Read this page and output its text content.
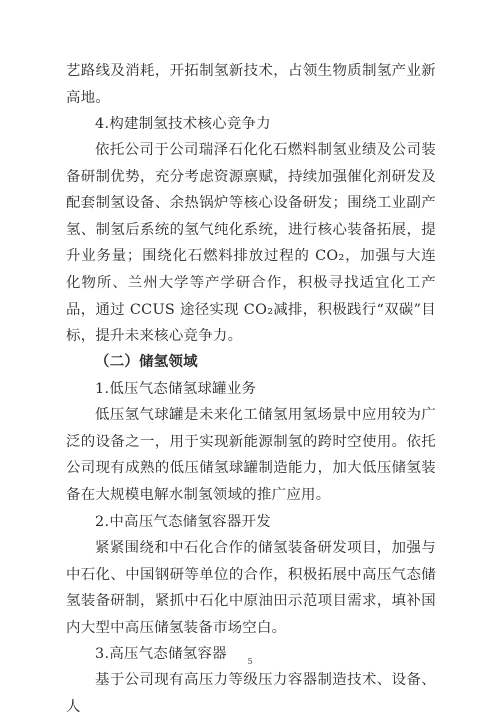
艺路线及消耗，开拓制氢新技术，占领生物质制氢产业新高地。

4.构建制氢技术核心竞争力

依托公司于公司瑞泽石化化石燃料制氢业绩及公司装备研制优势，充分考虑资源禀赋，持续加强催化剂研发及配套制氢设备、余热锅炉等核心设备研发；围绕工业副产氢、制氢后系统的氢气纯化系统，进行核心装备拓展，提升业务量；围绕化石燃料排放过程的 CO₂，加强与大连化物所、兰州大学等产学研合作，积极寻找适宜化工产品，通过 CCUS 途径实现 CO₂减排，积极践行“双碳”目标，提升未来核心竞争力。

（二）储氢领域

1.低压气态储氢球罐业务

低压氢气球罐是未来化工储氢用氢场景中应用较为广泛的设备之一，用于实现新能源制氢的跨时空使用。依托公司现有成熟的低压储氢球罐制造能力，加大低压储氢装备在大规模电解水制氢领域的推广应用。

2.中高压气态储氢容器开发

紧紧围绕和中石化合作的储氢装备研发项目，加强与中石化、中国钢研等单位的合作，积极拓展中高压气态储氢装备研制，紧抓中石化中原油田示范项目需求，填补国内大型中高压储氢装备市场空白。

3.高压气态储氢容器

基于公司现有高压力等级压力容器制造技术、设备、人

5
